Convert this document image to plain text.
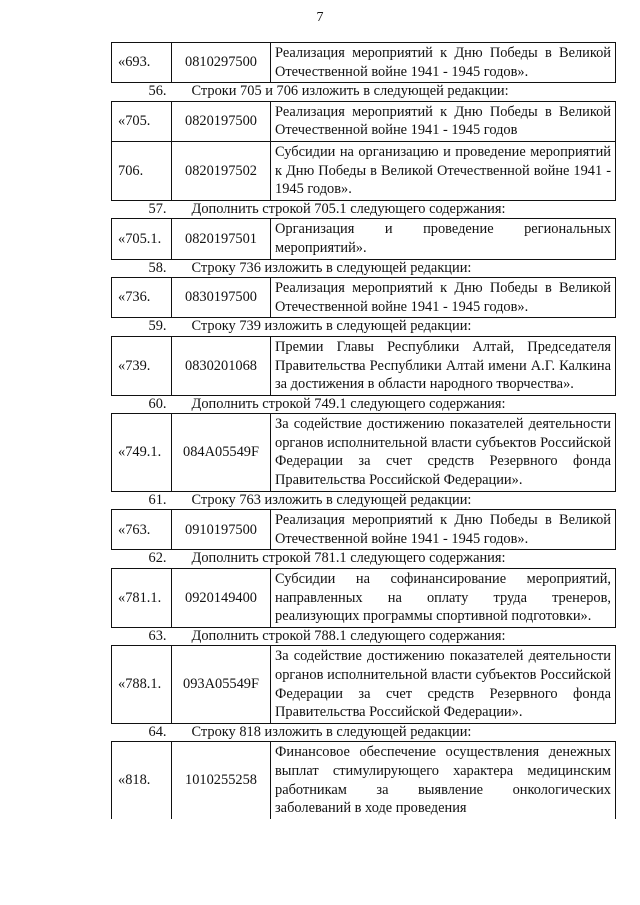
7
«693.	0810297500	Реализация мероприятий к Дню Победы в Великой Отечественной войне 1941 - 1945 годов».
56. Строки 705 и 706 изложить в следующей редакции:		
«705.	0820197500	Реализация мероприятий к Дню Победы в Великой Отечественной войне 1941 - 1945 годов
706.	0820197502	Субсидии на организацию и проведение мероприятий к Дню Победы в Великой Отечественной войне 1941 - 1945 годов».
57. Дополнить строкой 705.1 следующего содержания:		
«705.1.	0820197501	Организация и проведение региональных мероприятий».
58. Строку 736 изложить в следующей редакции:		
«736.	0830197500	Реализация мероприятий к Дню Победы в Великой Отечественной войне 1941 - 1945 годов».
59. Строку 739 изложить в следующей редакции:		
«739.	0830201068	Премии Главы Республики Алтай, Председателя Правительства Республики Алтай имени А.Г. Калкина за достижения в области народного творчества».
60. Дополнить строкой 749.1 следующего содержания:		
«749.1.	084A05549F	За содействие достижению показателей деятельности органов исполнительной власти субъектов Российской Федерации за счет средств Резервного фонда Правительства Российской Федерации».
61. Строку 763 изложить в следующей редакции:		
«763.	0910197500	Реализация мероприятий к Дню Победы в Великой Отечественной войне 1941 - 1945 годов».
62. Дополнить строкой 781.1 следующего содержания:		
«781.1.	0920149400	Субсидии на софинансирование мероприятий, направленных на оплату труда тренеров, реализующих программы спортивной подготовки».
63. Дополнить строкой 788.1 следующего содержания:		
«788.1.	093A05549F	За содействие достижению показателей деятельности органов исполнительной власти субъектов Российской Федерации за счет средств Резервного фонда Правительства Российской Федерации».
64. Строку 818 изложить в следующей редакции:		
«818.	1010255258	Финансовое обеспечение осуществления денежных выплат стимулирующего характера медицинским работникам за выявление онкологических заболеваний в ходе проведения
